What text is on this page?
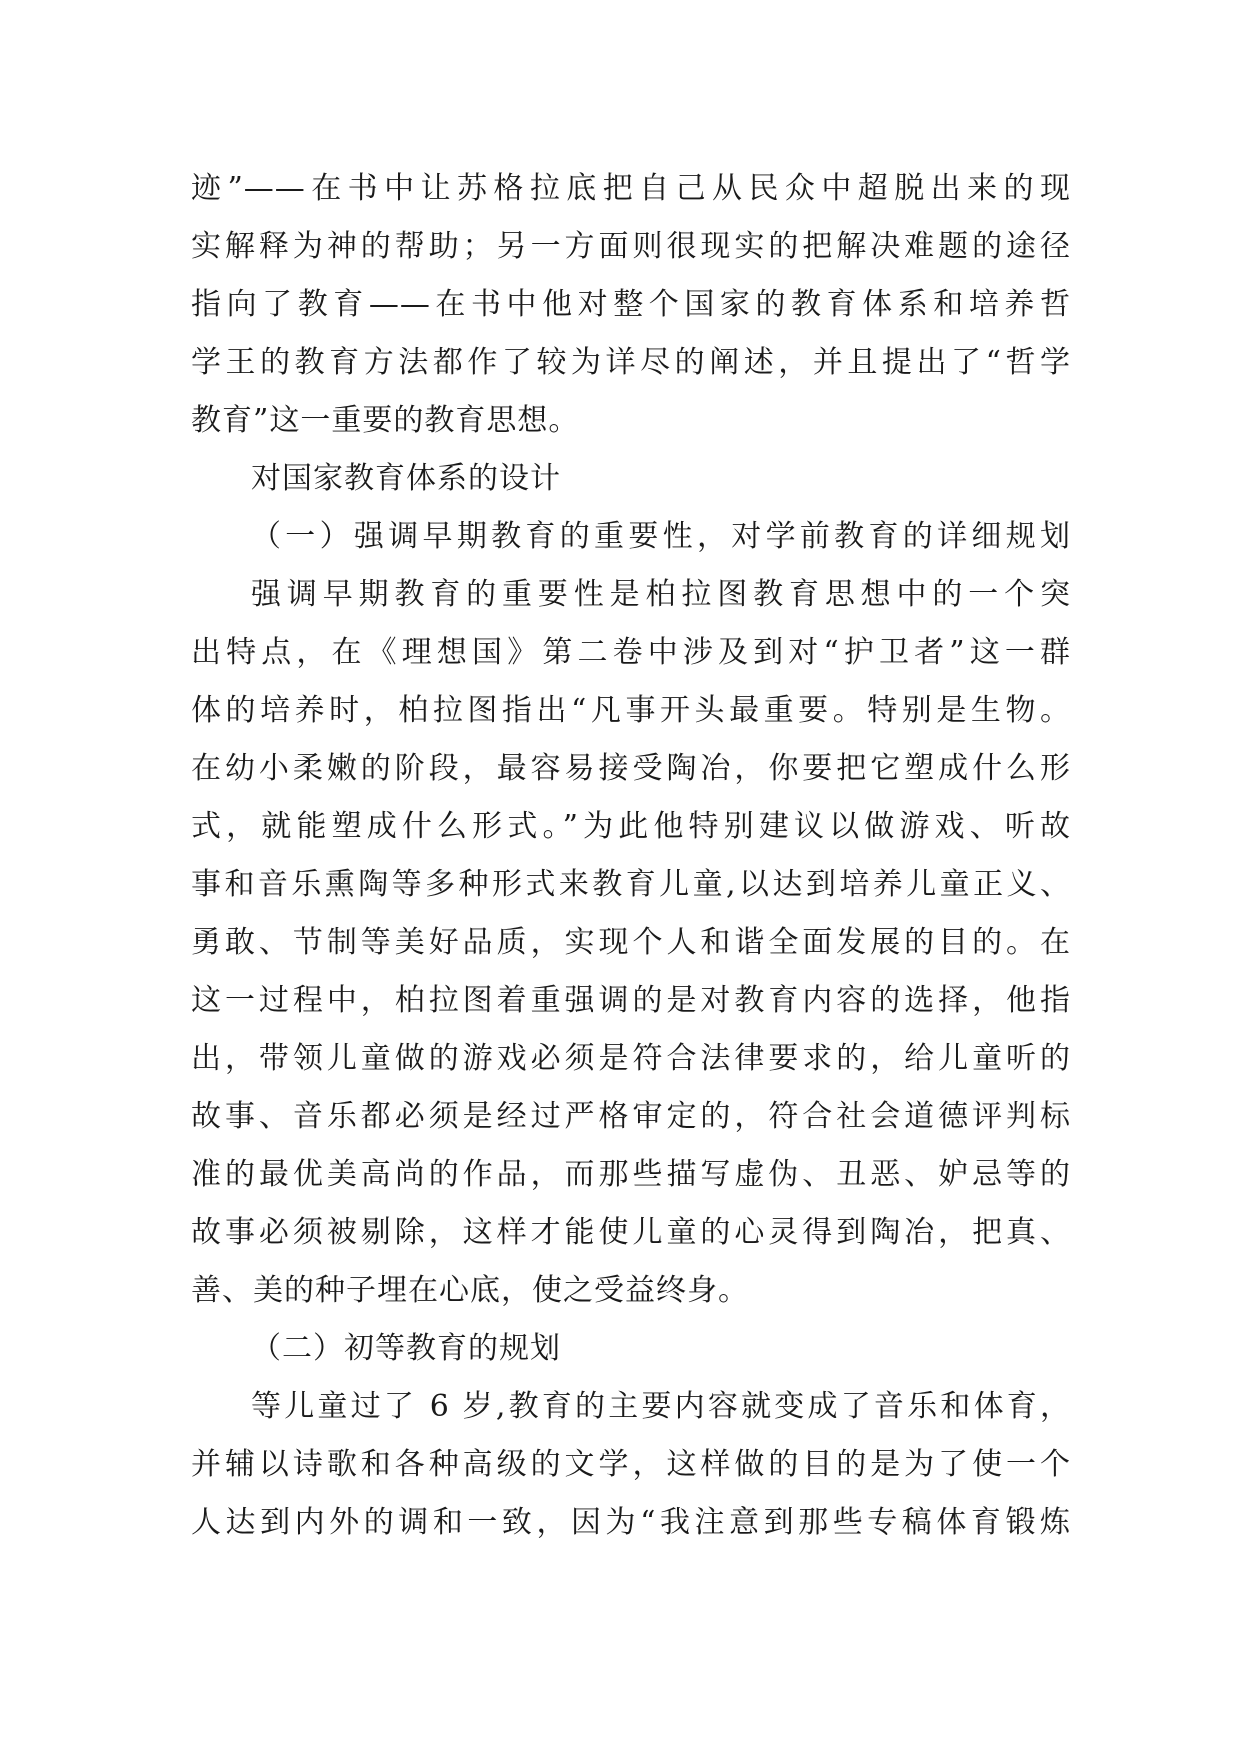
迹”——在书中让苏格拉底把自己从民众中超脱出来的现
实解释为神的帮助；另一方面则很现实的把解决难题的途径
指向了教育——在书中他对整个国家的教育体系和培养哲
学王的教育方法都作了较为详尽的阐述，并且提出了“哲学
教育”这一重要的教育思想。
对国家教育体系的设计
（一）强调早期教育的重要性，对学前教育的详细规划
强调早期教育的重要性是柏拉图教育思想中的一个突
出特点，在《理想国》第二卷中涉及到对“护卫者”这一群
体的培养时，柏拉图指出“凡事开头最重要。特别是生物。
在幼小柔嫩的阶段，最容易接受陶冶，你要把它塑成什么形
式，就能塑成什么形式。”为此他特别建议以做游戏、听故
事和音乐熏陶等多种形式来教育儿童,以达到培养儿童正义、
勇敢、节制等美好品质，实现个人和谐全面发展的目的。在
这一过程中，柏拉图着重强调的是对教育内容的选择，他指
出，带领儿童做的游戏必须是符合法律要求的，给儿童听的
故事、音乐都必须是经过严格审定的，符合社会道德评判标
准的最优美高尚的作品，而那些描写虚伪、丑恶、妒忌等的
故事必须被剔除，这样才能使儿童的心灵得到陶冶，把真、
善、美的种子埋在心底，使之受益终身。
（二）初等教育的规划
等儿童过了 6 岁,教育的主要内容就变成了音乐和体育，
并辅以诗歌和各种高级的文学，这样做的目的是为了使一个
人达到内外的调和一致，因为“我注意到那些专稿体育锻炼
